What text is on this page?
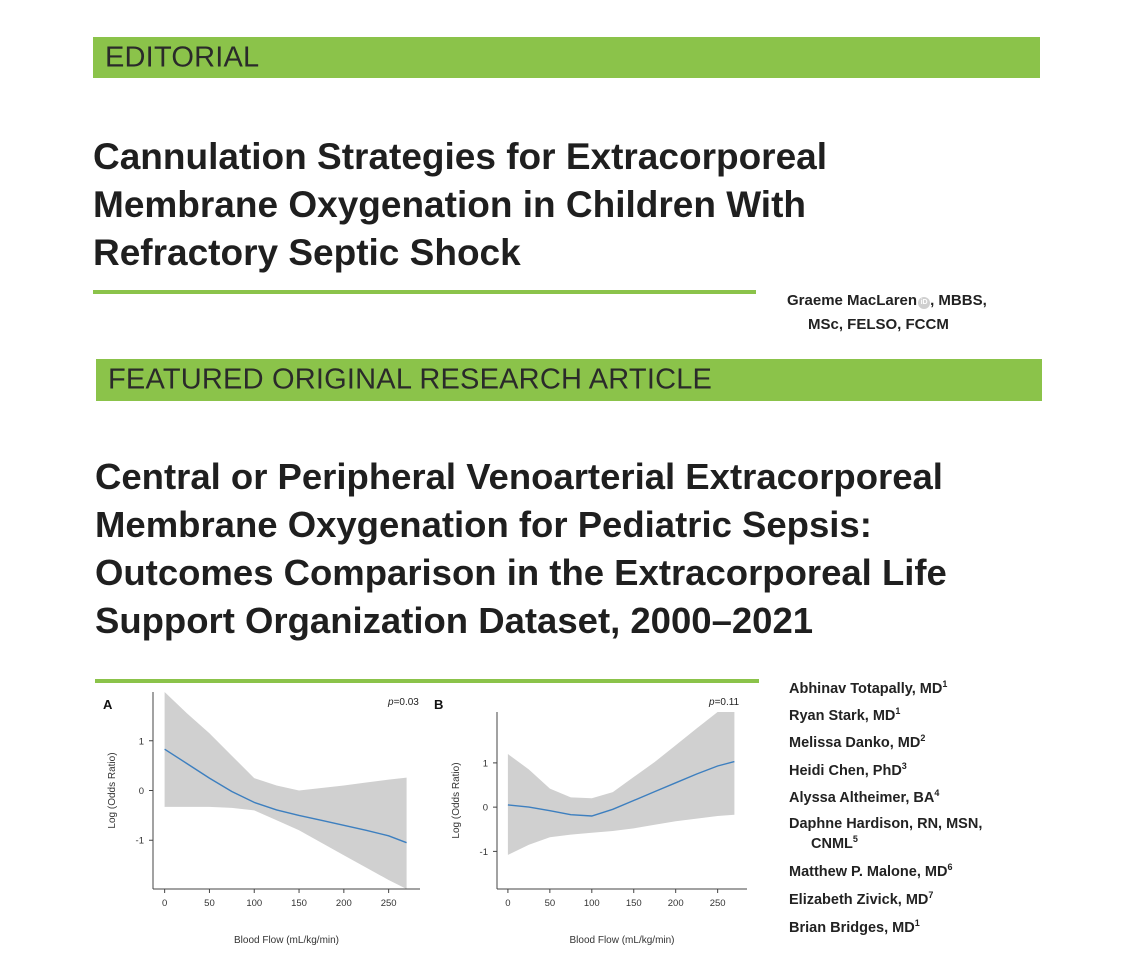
EDITORIAL
Cannulation Strategies for Extracorporeal
Membrane Oxygenation in Children With
Refractory Septic Shock
Graeme MacLaren iD , MBBS,
MSc, FELSO, FCCM
FEATURED ORIGINAL RESEARCH ARTICLE
Central or Peripheral Venoarterial Extracorporeal
Membrane Oxygenation for Pediatric Sepsis:
Outcomes Comparison in the Extracorporeal Life
Support Organization Dataset, 2000–2021
1
0
-1
0	50	100	150	200	250
Blood Flow (mL/kg/min)
Log (Odds Ratio)
A	p=0.03
1
0
-1
0	50	100	150	200	250
Blood Flow (mL/kg/min)
Log (Odds Ratio)
B	p=0.11
Abhinav Totapally, $MD^1$
Ryan Stark, $MD^1$
Melissa Danko, $MD^2$
Heidi Chen, PhD$^3$
Alyssa Altheimer, $BA^4$
Daphne Hardison, RN, MSN,
CNML$^5$
Matthew P. Malone, $MD^6$
Elizabeth Zivick, $MD^7$
Brian Bridges, $MD^1$
